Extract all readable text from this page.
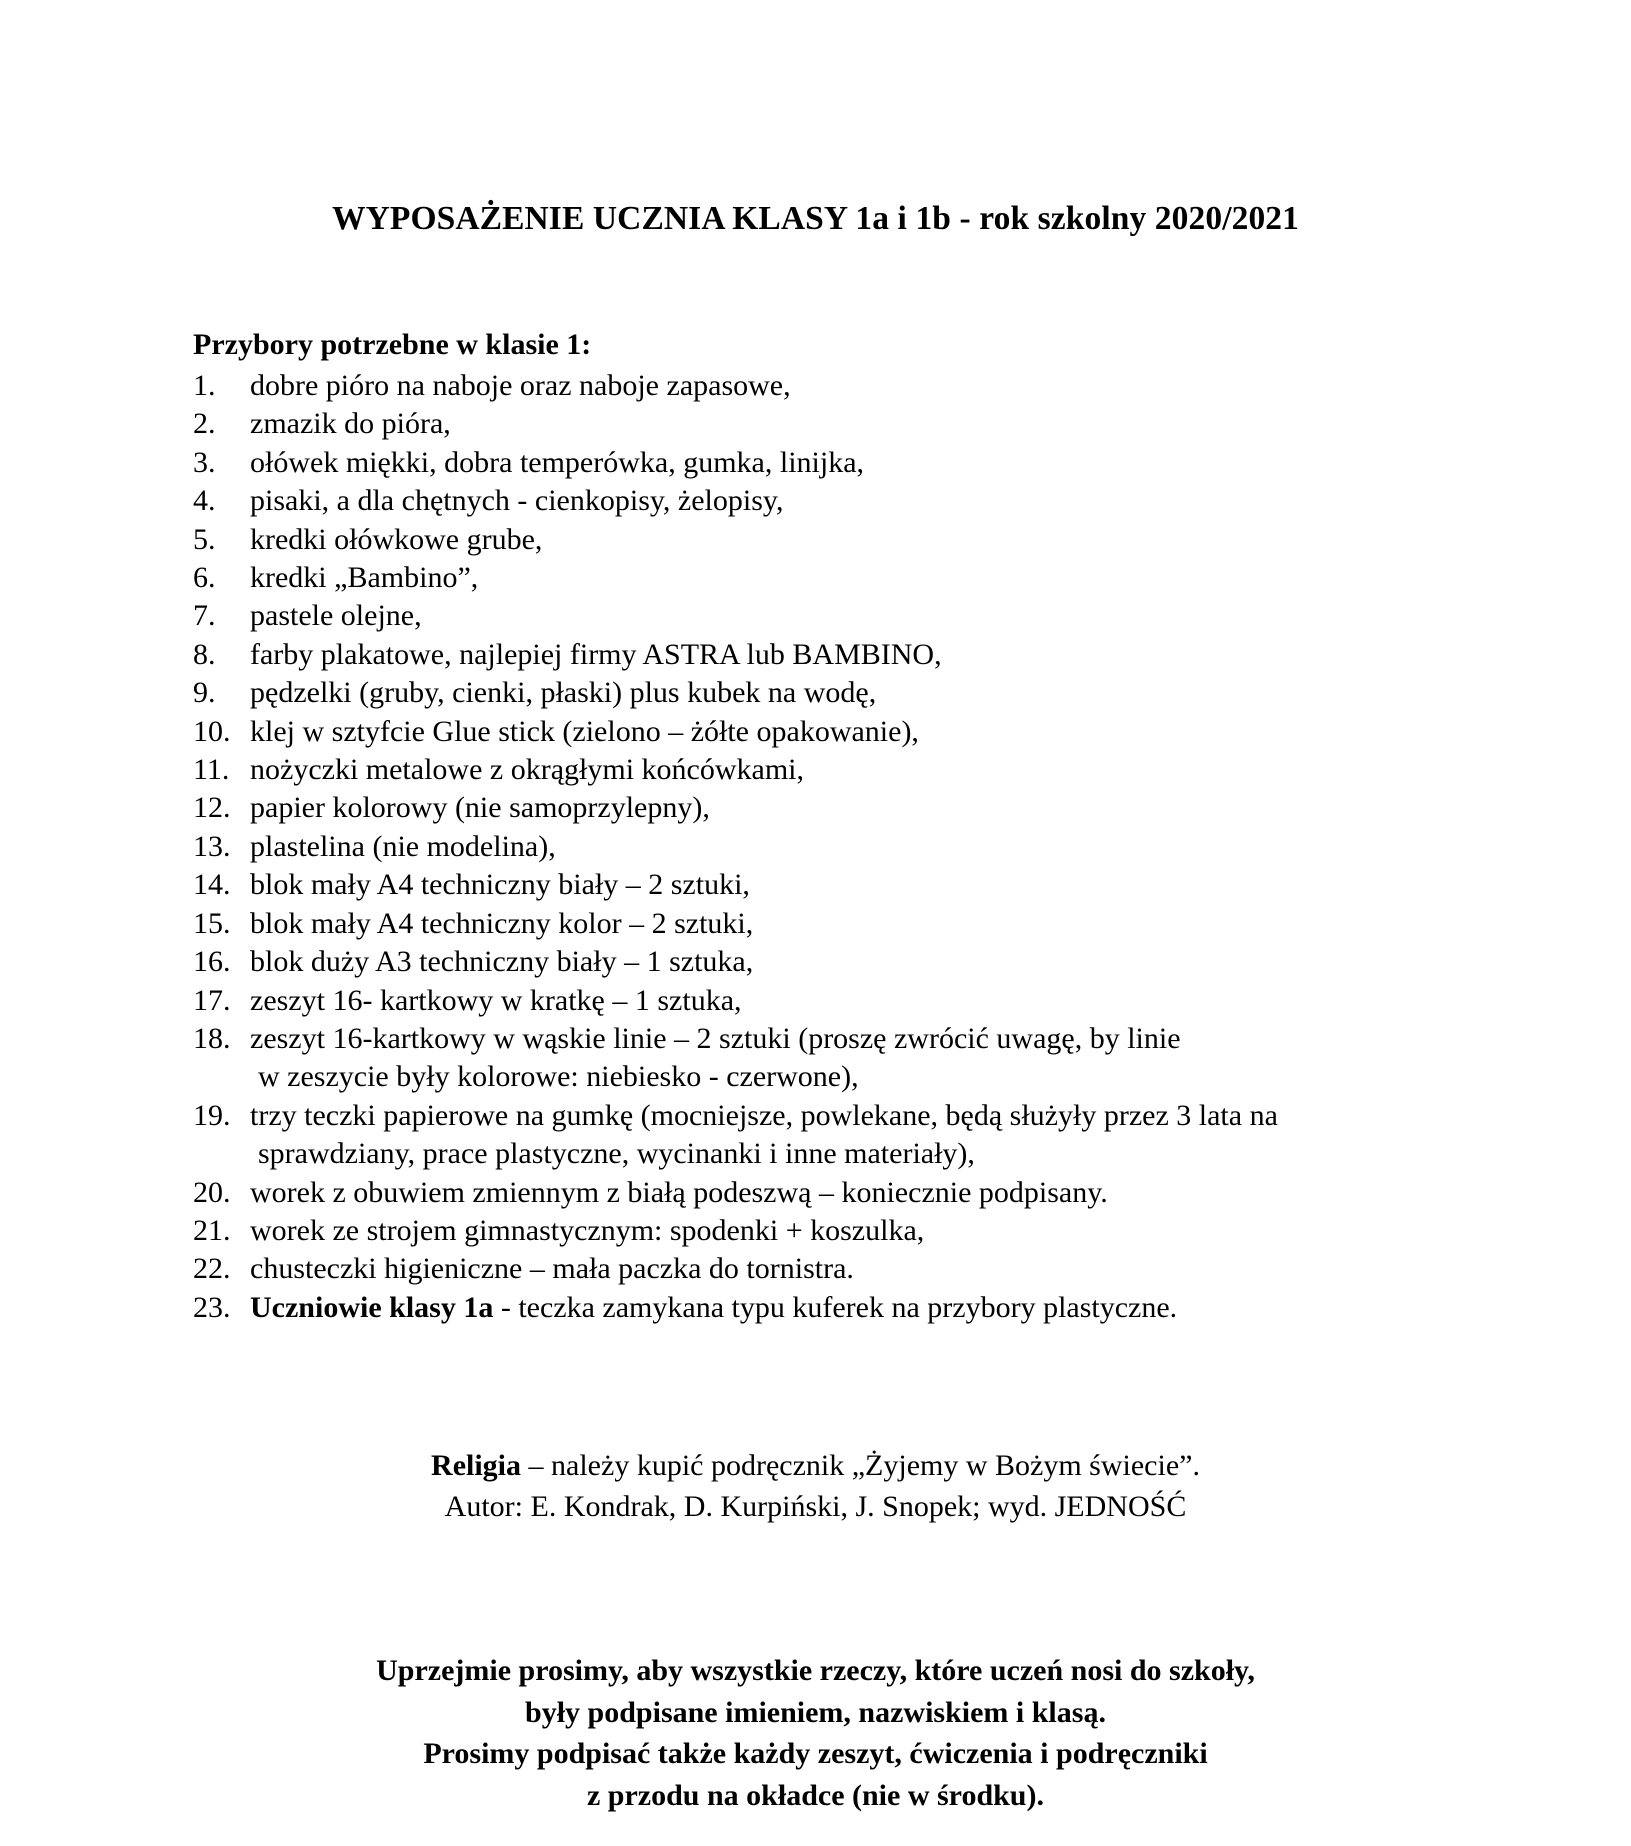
WYPOSAŻENIE UCZNIA KLASY 1a i 1b - rok szkolny 2020/2021
Przybory potrzebne w klasie 1:
1.	dobre pióro na naboje oraz naboje zapasowe,
2.	zmazik do pióra,
3.	ołówek miękki, dobra temperówka, gumka, linijka,
4.	pisaki, a dla chętnych - cienkopisy, żelopisy,
5.	kredki ołówkowe grube,
6.	kredki „Bambino”,
7.	pastele olejne,
8.	farby plakatowe, najlepiej firmy ASTRA lub BAMBINO,
9.	pędzelki (gruby, cienki, płaski) plus kubek na wodę,
10. klej w sztyfcie Glue stick (zielono – żółte opakowanie),
11. nożyczki metalowe z okrągłymi końcówkami,
12. papier kolorowy (nie samoprzylepny),
13. plastelina (nie modelina),
14. blok mały A4 techniczny biały – 2 sztuki,
15. blok mały A4 techniczny kolor – 2 sztuki,
16. blok duży A3 techniczny biały – 1 sztuka,
17. zeszyt 16- kartkowy w kratkę – 1 sztuka,
18. zeszyt 16-kartkowy w wąskie linie – 2 sztuki (proszę zwrócić uwagę, by linie
w zeszycie były kolorowe: niebiesko - czerwone),
19. trzy teczki papierowe na gumkę (mocniejsze, powlekane, będą służyły przez 3 lata na
sprawdziany, prace plastyczne, wycinanki i inne materiały),
20. worek z obuwiem zmiennym z białą podeszwą – koniecznie podpisany.
21. worek ze strojem gimnastycznym: spodenki + koszulka,
22. chusteczki higieniczne – mała paczka do tornistra.
23. Uczniowie klasy 1a - teczka zamykana typu kuferek na przybory plastyczne.
Religia – należy kupić podręcznik „Żyjemy w Bożym świecie”.
Autor: E. Kondrak, D. Kurpiński, J. Snopek; wyd. JEDNOŚĆ
Uprzejmie prosimy, aby wszystkie rzeczy, które uczeń nosi do szkoły,
były podpisane imieniem, nazwiskiem i klasą.
Prosimy podpisać także każdy zeszyt, ćwiczenia i podręczniki
z przodu na okładce (nie w środku).
